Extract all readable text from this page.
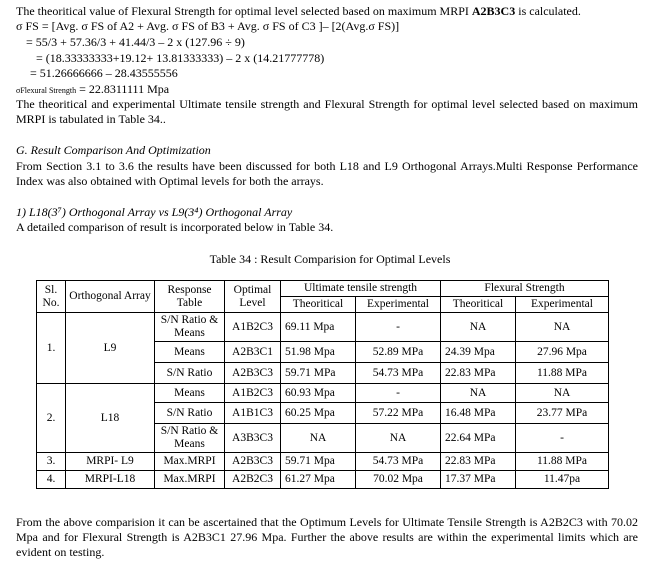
The theoritical value of Flexural Strength for optimal level selected based on maximum MRPI A2B3C3 is calculated.
σ FS = [Avg. σ FS of A2 + Avg. σ FS of B3 + Avg. σ FS of C3 ]– [2(Avg.σ FS)]
= 55/3 + 57.36/3 + 41.44/3 – 2 x (127.96 ÷ 9)
= (18.33333333+19.12+ 13.81333333) – 2 x (14.21777778)
= 51.26666666 – 28.43555556
σFlexural Strength = 22.8311111 Mpa
The theoritical and experimental Ultimate tensile strength and Flexural Strength for optimal level selected based on maximum MRPI is tabulated in Table 34..
G. Result Comparison And Optimization
From Section 3.1 to 3.6 the results have been discussed for both L18 and L9 Orthogonal Arrays.Multi Response Performance Index was also obtained with Optimal levels for both the arrays.
1) L18(3⁷) Orthogonal Array vs L9(3⁴) Orthogonal Array
A detailed comparison of result is incorporated below in Table 34.
Table 34 : Result Comparision for Optimal Levels
Sl. No.	Orthogonal Array	Response Table	Optimal Level	Ultimate tensile strength		Flexural Strength	
				Theoritical	Experimental	Theoritical	Experimental
1.	L9	S/N Ratio & Means	A1B2C3	69.11 Mpa	-	NA	NA
		Means	A2B3C1	51.98 Mpa	52.89 MPa	24.39 Mpa	27.96 Mpa
		S/N Ratio	A2B3C3	59.71 MPa	54.73 MPa	22.83 MPa	11.88 MPa
2.	L18	Means	A1B2C3	60.93 Mpa	-	NA	NA
		S/N Ratio	A1B1C3	60.25 Mpa	57.22 MPa	16.48 MPa	23.77 MPa
		S/N Ratio & Means	A3B3C3	NA	NA	22.64 MPa	-
3.	MRPI- L9	Max.MRPI	A2B3C3	59.71 Mpa	54.73 MPa	22.83 MPa	11.88 MPa
4.	MRPI-L18	Max.MRPI	A2B2C3	61.27 Mpa	70.02 Mpa	17.37 MPa	11.47pa
From the above comparision it can be ascertained that the Optimum Levels for Ultimate Tensile Strength is A2B2C3 with 70.02 Mpa and for Flexural Strength is A2B3C1 27.96 Mpa. Further the above results are within the experimental limits which are evident on testing.
